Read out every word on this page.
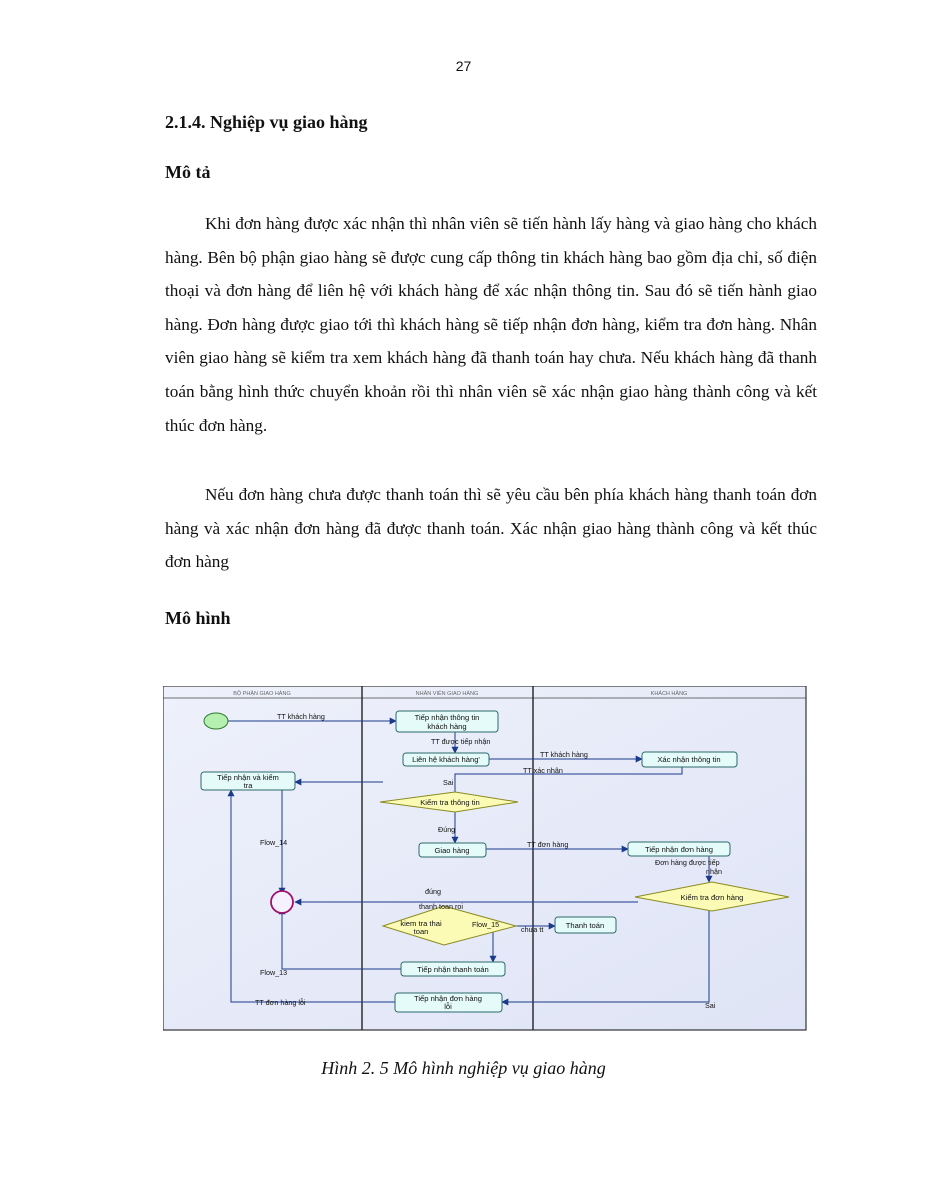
27
2.1.4. Nghiệp vụ giao hàng
Mô tả

Khi đơn hàng được xác nhận thì nhân viên sẽ tiến hành lấy hàng và giao hàng cho khách hàng. Bên bộ phận giao hàng sẽ được cung cấp thông tin khách hàng bao gồm địa chỉ, số điện thoại và đơn hàng để liên hệ với khách hàng để xác nhận thông tin. Sau đó sẽ tiến hành giao hàng. Đơn hàng được giao tới thì khách hàng sẽ tiếp nhận đơn hàng, kiểm tra đơn hàng. Nhân viên giao hàng sẽ kiểm tra xem khách hàng đã thanh toán hay chưa. Nếu khách hàng đã thanh toán bằng hình thức chuyển khoản rồi thì nhân viên sẽ xác nhận giao hàng thành công và kết thúc đơn hàng.

Nếu đơn hàng chưa được thanh toán thì sẽ yêu cầu bên phía khách hàng thanh toán đơn hàng và xác nhận đơn hàng đã được thanh toán. Xác nhận giao hàng thành công và kết thúc đơn hàng

Mô hình
BỘ PHẬN GIAO HÀNG	NHÂN VIÊN GIAO HÀNG	KHÁCH HÀNG
Tiếp nhận thông tin
khách hàng
Liên hệ khách hàng'	Xác nhận thông tin
Tiếp nhận và kiểm
tra
Giao hàng	Tiếp nhận đơn hàng
Thanh toán
Tiếp nhận thanh toán
Tiếp nhận đơn hàng
lỗi
Kiểm tra thông tin
Kiểm tra đơn hàng
kiem tra thai
toan
TT khách hàng
TT được tiếp nhận
TT khách hàng
TT xác nhận
Sai
Đúng
TT đơn hàng
Đơn hàng được tiếp
nhận
Flow_14
đúng
thanh toan roi
Flow_15
chưa tt
Flow_13
TT đơn hàng lỗi	Sai
Hình 2. 5 Mô hình nghiệp vụ giao hàng
